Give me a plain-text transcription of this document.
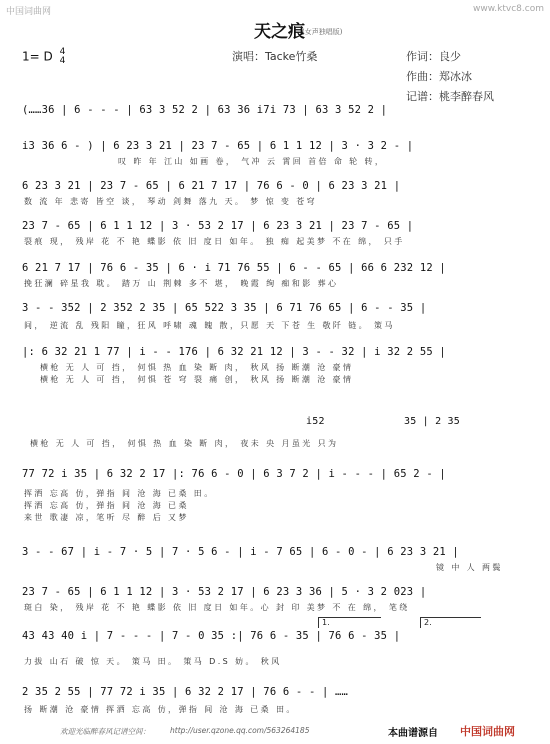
中国词曲网	www.ktvc8.com
天之痕
(女声独唱版)
1= D 4
4	演唱：Tacke竹桑	作词：良少
作曲：郑冰冰
记谱：桃李醉春风
(……36 | 6 - - - | 63 3 52 2 | 63 36 i7i 73 | 63 3 52 2 |
i3 36 6 - ) | 6 23 3 21 | 23 7 - 65 | 6 1 1 12 | 3 · 3 2 - |
叹 昨 年 江山 如画 卷， 气冲 云 霄回 首倍 命 轮 转，
6 23 3 21 | 23 7 - 65 | 6 21 7 17 | 76 6 - 0 | 6 23 3 21 |
数 流 年 悲寄 皆空 谈， 琴动 剑舞 落九 天。 梦 惊 变 苍穹
23 7 - 65 | 6 1 1 12 | 3 · 53 2 17 | 6 23 3 21 | 23 7 - 65 |
裂痕 现， 残岸 花 不 艳 蝶影 依 旧 度日 如年。 独 痴 起美梦 不在 绵， 只手
6 21 7 17 | 76 6 - 35 | 6 · i 71 76 55 | 6 - - 65 | 66 6 232 12 |
挽狂澜 碎星我 耽。 踏万 山 荆棘 多不 堪， 晚霞 绚 痴和影 葬心
3 - - 352 | 2 352 2 35 | 65 522 3 35 | 6 71 76 65 | 6 - - 35 |
间， 逆流 乱 残阳 瞳，狂风 呼啸 魂 魄 散，只愿 天 下苍 生 敬阡 链。 策马
|: 6 32 21 1 77 | i - - 176 | 6 32 21 12 | 3 - - 32 | i 32 2 55 |
横枪 无 人 可 挡， 何惧 热 血 染 断 肉， 秋风 扬 断潮 沧 豪情
横枪 无 人 可 挡， 何惧 苍 穹 裂 痛 创， 秋风 扬 断潮 沧 豪情
横枪 无 人 可 挡， 何惧 热 血 染 断 肉， 夜未 央 月虽光 只为
77 72 i 35 | 6 32 2 17 |: 76 6 - 0 | 6 3 7 2 | i - - - | 65 2 - |
挥洒 忘高 仿，弹指 间 沧 海 已桑 田。
挥洒 忘高 仿，弹指 间 沧 海 已桑
来世 歌凄 凉，笔听 尽 醉 后 又梦
3 - - 67 | i - 7 · 5 | 7 · 5 6 - | i - 7 65 | 6 - 0 - | 6 23 3 21 |
镜 中 人 两鬓
23 7 - 65 | 6 1 1 12 | 3 · 53 2 17 | 6 23 3 36 | 5 · 3 2 023 |
斑白 染， 残岸 花 不 艳 蝶影 依 旧 度日 如年。心 封 印 美梦 不 在 绵， 笔绕
43 43 40 i | 7 - - - | 7 - 0 35 :| 76 6 - 35 | 76 6 - 35 |
力拔 山石 破 惊 天。 策马 田。 策马 D.S 妨。 秋风
2 35 2 55 | 77 72 i 35 | 6 32 2 17 | 76 6 - - | ……
扬 断潮 沧 豪情 挥洒 忘高 仿，弹指 间 沧 海 已桑 田。
1.	2.
i52	35 | 2 35
欢迎光临醉春风记谱空间：	http://user.qzone.qq.com/563264185	本曲谱源自 中国词曲网
